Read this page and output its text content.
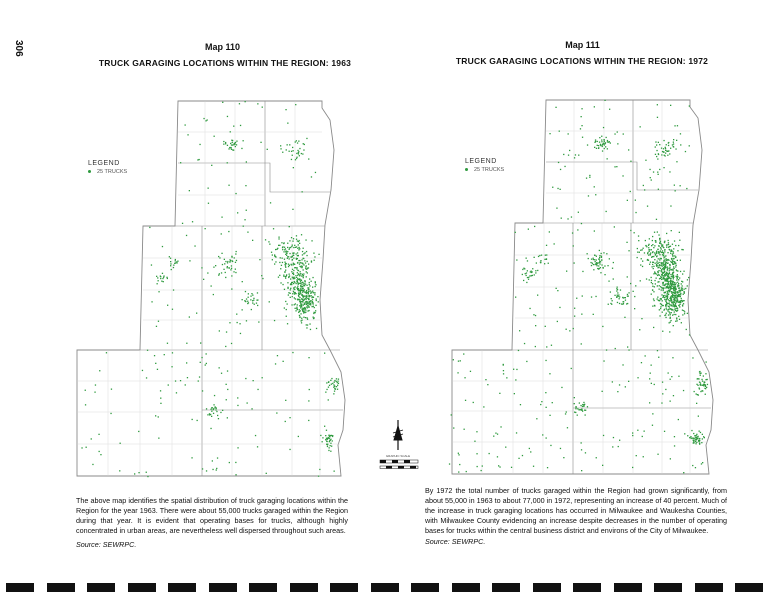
306	Map 110
TRUCK GARAGING LOCATIONS WITHIN THE REGION: 1963
Map 111
TRUCK GARAGING LOCATIONS WITHIN THE REGION: 1972
LEGEND
25 TRUCKS
LEGEND
25 TRUCKS
GRAPHIC SCALE
The above map identifies the spatial distribution of truck garaging locations within the Region for the year 1963. There were about 55,000 trucks garaged within the Region during that year. It is evident that operating bases for trucks, although highly concentrated in urban areas, are nevertheless well dispersed throughout such areas.
Source: SEWRPC.
By 1972 the total number of trucks garaged within the Region had grown significantly, from about 55,000 in 1963 to about 77,000 in 1972, representing an increase of 40 percent. Much of the increase in truck garaging locations has occurred in Milwaukee and Waukesha Counties, with Milwaukee County evidencing an increase despite decreases in the number of operating bases for trucks within the central business district and environs of the City of Milwaukee.
Source: SEWRPC.
